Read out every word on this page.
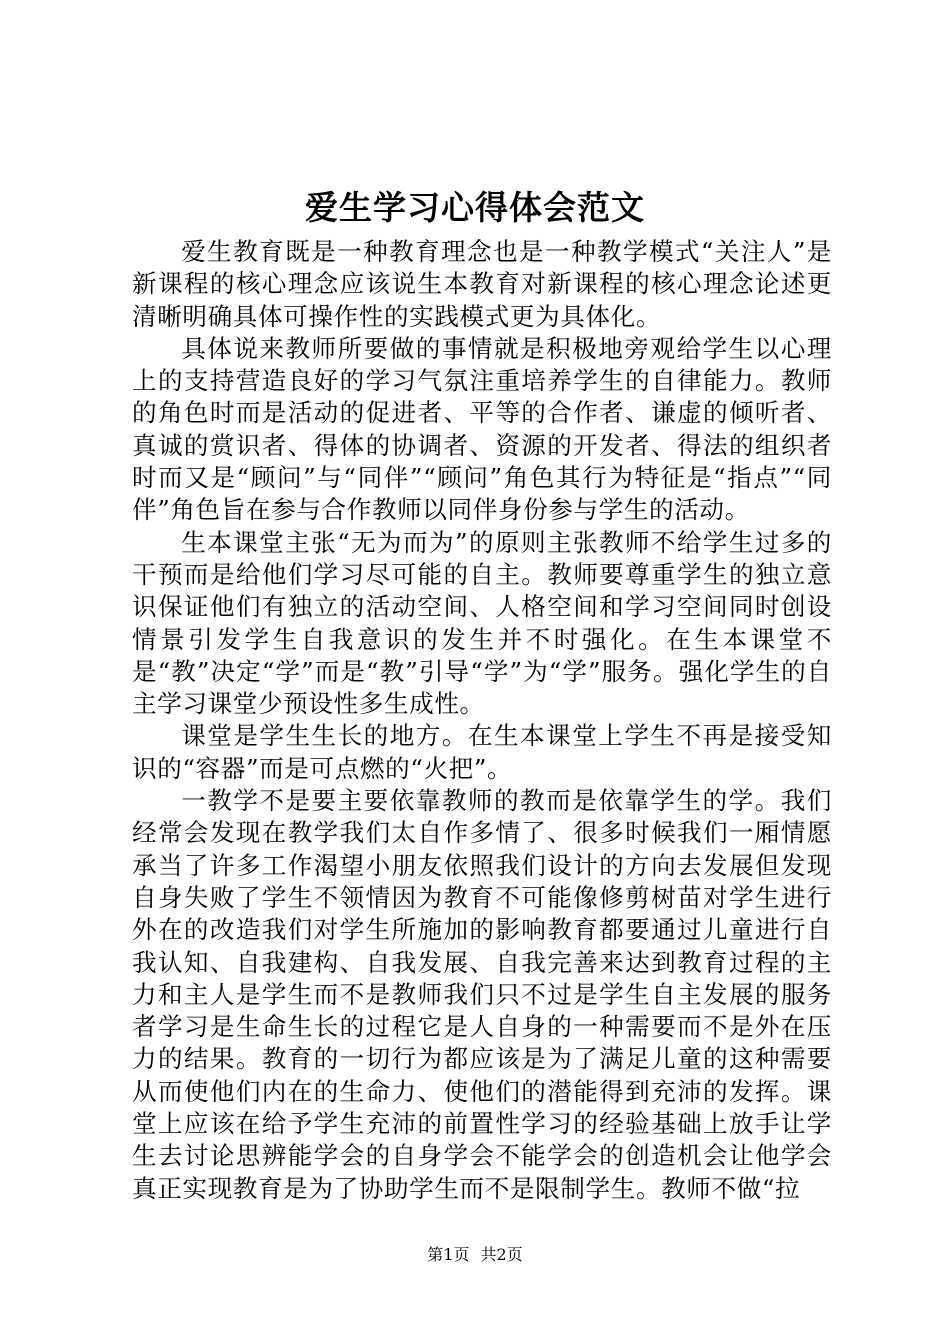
爱生学习心得体会范文

爱生教育既是一种教育理念也是一种教学模式“关注人”是新课程的核心理念应该说生本教育对新课程的核心理念论述更清晰明确具体可操作性的实践模式更为具体化。

具体说来教师所要做的事情就是积极地旁观给学生以心理上的支持营造良好的学习气氛注重培养学生的自律能力。教师的角色时而是活动的促进者、平等的合作者、谦虚的倾听者、真诚的赏识者、得体的协调者、资源的开发者、得法的组织者时而又是“顾问”与“同伴”“顾问”角色其行为特征是“指点”“同伴”角色旨在参与合作教师以同伴身份参与学生的活动。

生本课堂主张“无为而为”的原则主张教师不给学生过多的干预而是给他们学习尽可能的自主。教师要尊重学生的独立意识保证他们有独立的活动空间、人格空间和学习空间同时创设情景引发学生自我意识的发生并不时强化。在生本课堂不是“教”决定“学”而是“教”引导“学”为“学”服务。强化学生的自主学习课堂少预设性多生成性。

课堂是学生生长的地方。在生本课堂上学生不再是接受知识的“容器”而是可点燃的“火把”。

一教学不是要主要依靠教师的教而是依靠学生的学。我们经常会发现在教学我们太自作多情了、很多时候我们一厢情愿承当了许多工作渴望小朋友依照我们设计的方向去发展但发现自身失败了学生不领情因为教育不可能像修剪树苗对学生进行外在的改造我们对学生所施加的影响教育都要通过儿童进行自我认知、自我建构、自我发展、自我完善来达到教育过程的主力和主人是学生而不是教师我们只不过是学生自主发展的服务者学习是生命生长的过程它是人自身的一种需要而不是外在压力的结果。教育的一切行为都应该是为了满足儿童的这种需要从而使他们内在的生命力、使他们的潜能得到充沛的发挥。课堂上应该在给予学生充沛的前置性学习的经验基础上放手让学生去讨论思辨能学会的自身学会不能学会的创造机会让他学会真正实现教育是为了协助学生而不是限制学生。教师不做“拉

第1页 共2页
